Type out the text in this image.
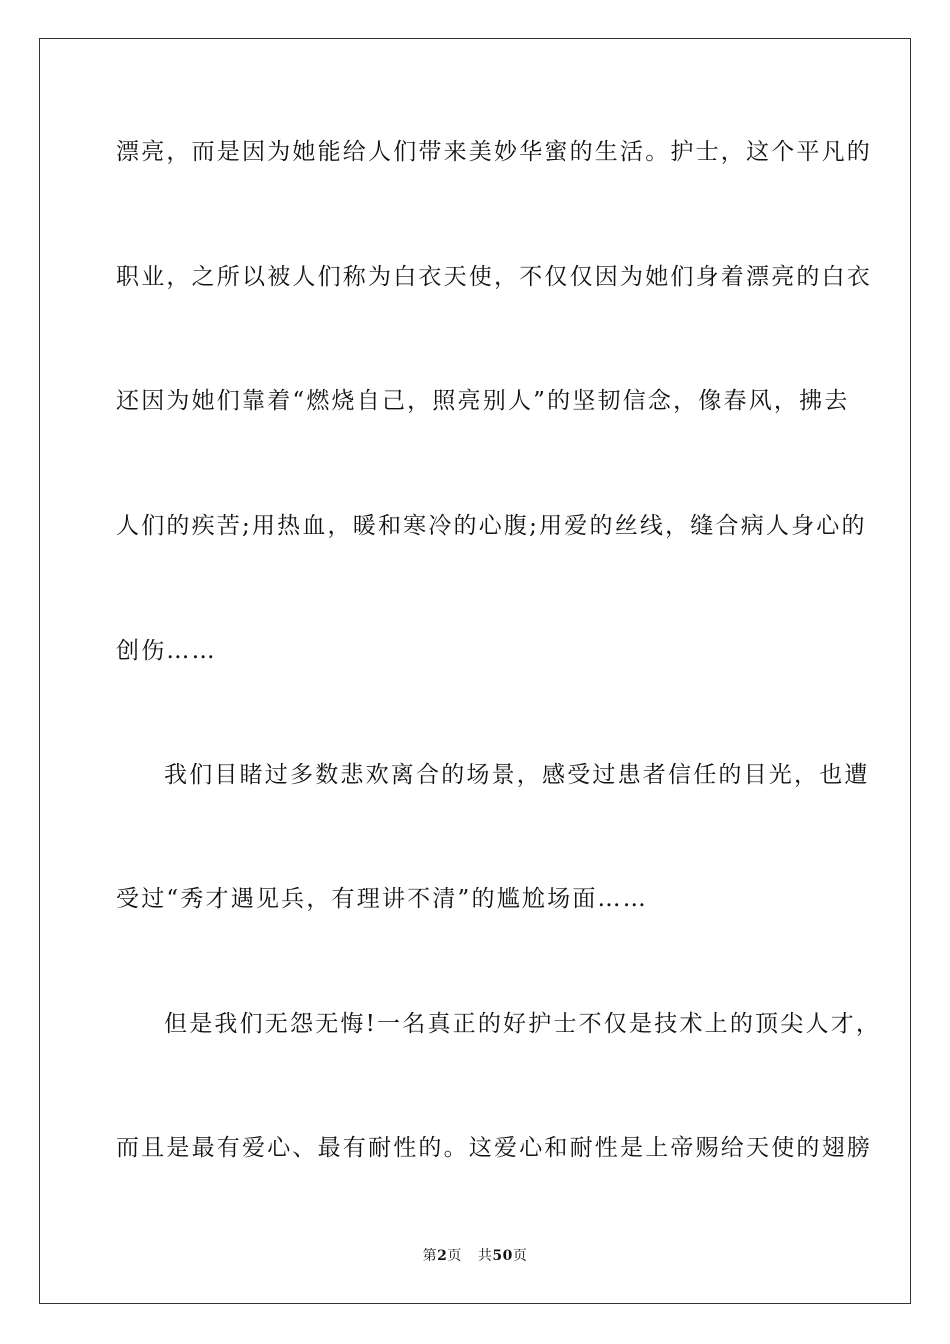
漂亮，而是因为她能给人们带来美妙华蜜的生活。护士，这个平凡的
职业，之所以被人们称为白衣天使，不仅仅因为她们身着漂亮的白衣
还因为她们靠着“燃烧自己，照亮别人”的坚韧信念，像春风，拂去
人们的疾苦;用热血，暖和寒冷的心腹;用爱的丝线，缝合病人身心的
创伤……
我们目睹过多数悲欢离合的场景，感受过患者信任的目光，也遭
受过“秀才遇见兵，有理讲不清”的尴尬场面……
但是我们无怨无悔!一名真正的好护士不仅是技术上的顶尖人才，
而且是最有爱心、最有耐性的。这爱心和耐性是上帝赐给天使的翅膀
第2页 共50页
